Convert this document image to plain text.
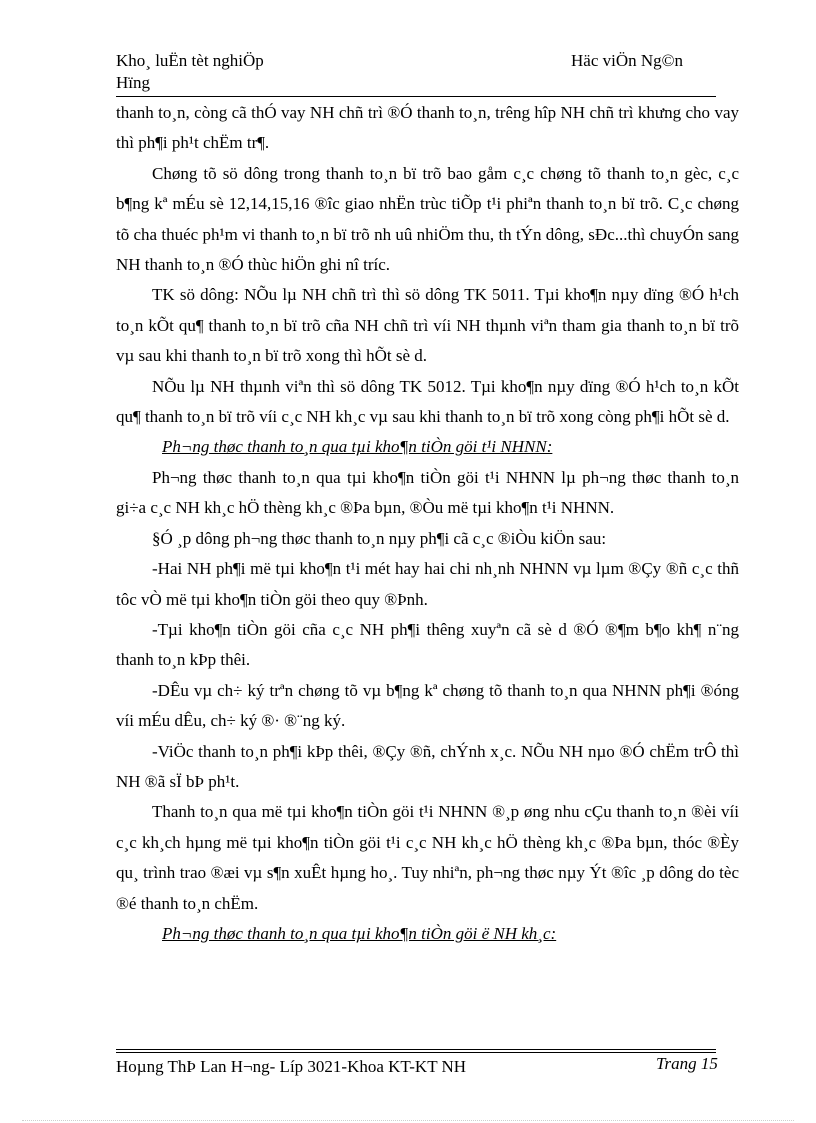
Kho¸ luËn tèt nghiÖp
Hïng
Häc viÖn Ng©n

thanh to¸n, còng cã thÓ vay NH chñ trì ®Ó thanh to¸n, trêng hîp NH chñ trì khưng cho vay thì ph¶i ph¹t chËm tr¶.

Chøng tõ sö dông trong thanh to¸n bï trõ bao gåm c¸c chøng tõ thanh to¸n gèc, c¸c b¶ng kª mÉu sè 12,14,15,16 ®îc giao nhËn trùc tiÕp t¹i phiªn thanh to¸n bï trõ. C¸c chøng tõ cha thuéc ph¹m vi thanh to¸n bï trõ nh uû nhiÖm thu, th tÝn dông, sÐc...thì chuyÓn sang NH thanh to¸n ®Ó thùc hiÖn ghi nî tríc.

TK sö dông: NÕu lµ NH chñ trì thì sö dông TK 5011. Tµi kho¶n nµy dïng ®Ó h¹ch to¸n kÕt qu¶ thanh to¸n bï trõ cña NH chñ trì víi NH thµnh viªn tham gia thanh to¸n bï trõ vµ sau khi thanh to¸n bï trõ xong thì hÕt sè d.

NÕu lµ NH thµnh viªn thì sö dông TK 5012. Tµi kho¶n nµy dïng ®Ó h¹ch to¸n kÕt qu¶ thanh to¸n bï trõ víi c¸c NH kh¸c vµ sau khi thanh to¸n bï trõ xong còng ph¶i hÕt sè d.

Ph¬ng thøc thanh to¸n qua tµi kho¶n tiÒn göi t¹i NHNN:

Ph¬ng thøc thanh to¸n qua tµi kho¶n tiÒn göi t¹i NHNN lµ ph¬ng thøc thanh to¸n gi÷a c¸c NH kh¸c hÖ thèng kh¸c ®Þa bµn, ®Òu më tµi kho¶n t¹i NHNN.

§Ó ¸p dông ph¬ng thøc thanh to¸n nµy ph¶i cã c¸c ®iÒu kiÖn sau:

-Hai NH ph¶i më tµi kho¶n t¹i mét hay hai chi nh¸nh NHNN vµ lµm ®Çy ®ñ c¸c thñ tôc vÒ më tµi kho¶n tiÒn göi theo quy ®Þnh.

-Tµi kho¶n tiÒn göi cña c¸c NH ph¶i thêng xuyªn cã sè d ®Ó ®¶m b¶o kh¶ n¨ng thanh to¸n kÞp thêi.

-DÊu vµ ch÷ ký trªn chøng tõ vµ b¶ng kª chøng tõ thanh to¸n qua NHNN ph¶i ®óng víi mÉu dÊu, ch÷ ký ®· ®¨ng ký.

-ViÖc thanh to¸n ph¶i kÞp thêi, ®Çy ®ñ, chÝnh x¸c. NÕu NH nµo ®Ó chËm trÔ thì NH ®ã sÏ bÞ ph¹t.

Thanh to¸n qua më tµi kho¶n tiÒn göi t¹i NHNN ®¸p øng nhu cÇu thanh to¸n ®èi víi c¸c kh¸ch hµng më tµi kho¶n tiÒn göi t¹i c¸c NH kh¸c hÖ thèng kh¸c ®Þa bµn, thóc ®Èy qu¸ trình trao ®æi vµ s¶n xuÊt hµng ho¸. Tuy nhiªn, ph¬ng thøc nµy Ýt ®îc ¸p dông do tèc ®é thanh to¸n chËm.

Ph¬ng thøc thanh to¸n qua tµi kho¶n tiÒn göi ë NH kh¸c:

Hoµng ThÞ Lan H¬ng- Líp 3021-Khoa KT-KT NH	Trang 15
